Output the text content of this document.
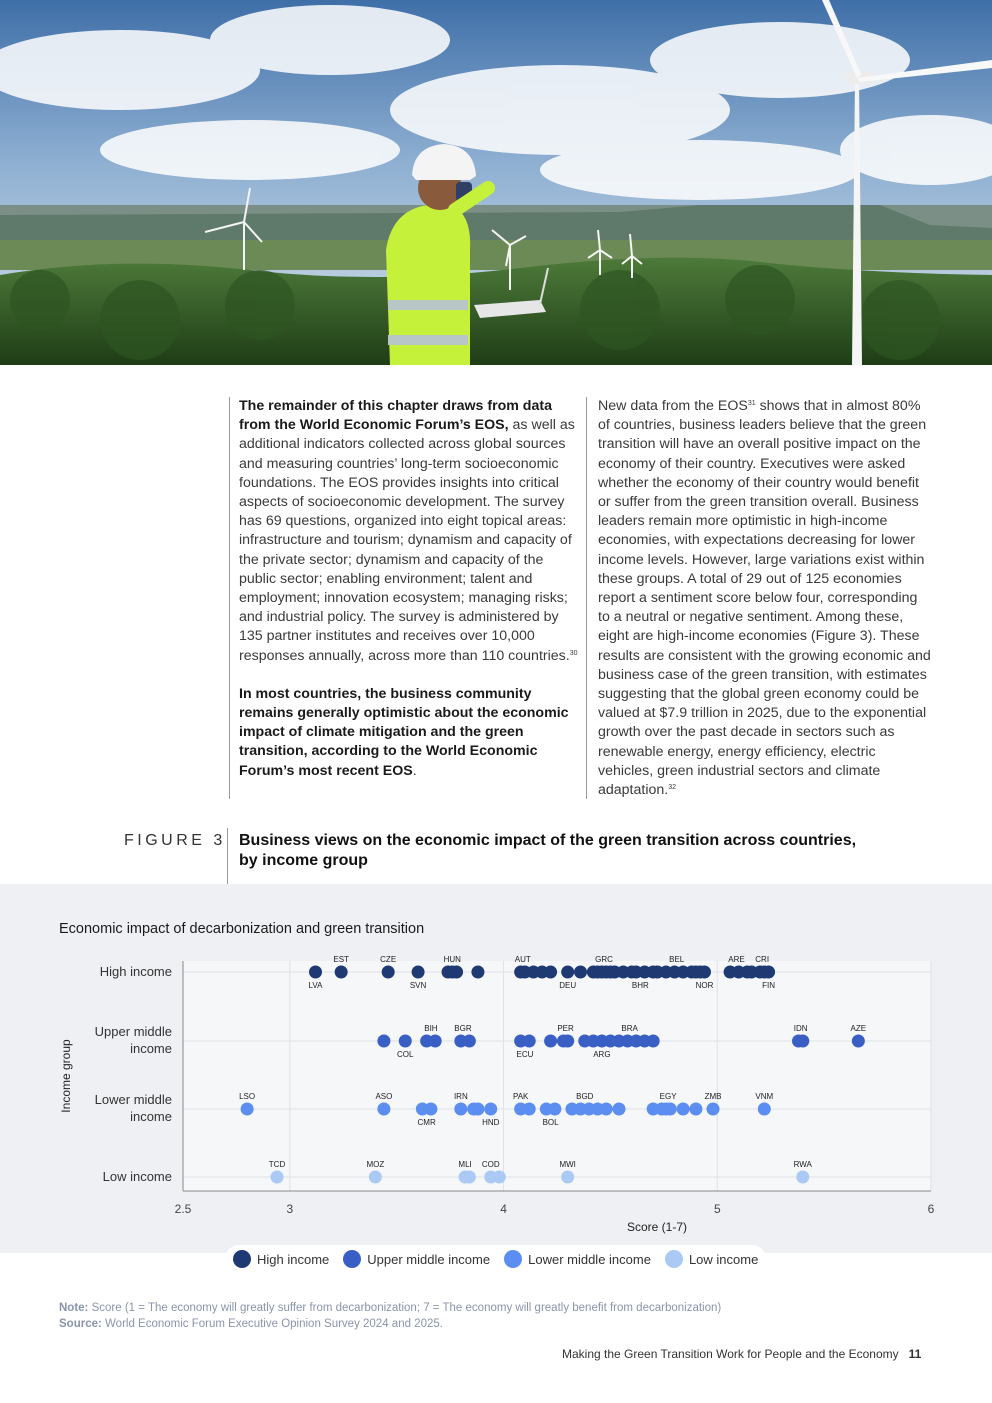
The remainder of this chapter draws from data from the World Economic Forum’s EOS, as well as additional indicators collected across global sources and measuring countries’ long-term socioeconomic foundations. The EOS provides insights into critical aspects of socioeconomic development. The survey has 69 questions, organized into eight topical areas: infrastructure and tourism; dynamism and capacity of the private sector; dynamism and capacity of the public sector; enabling environment; talent and employment; innovation ecosystem; managing risks; and industrial policy. The survey is administered by 135 partner institutes and receives over 10,000 responses annually, across more than 110 countries.$^{30}$

In most countries, the business community remains generally optimistic about the economic impact of climate mitigation and the green transition, according to the World Economic Forum’s most recent EOS.

New data from the EOS$^{31}$ shows that in almost 80% of countries, business leaders believe that the green transition will have an overall positive impact on the economy of their country. Executives were asked whether the economy of their country would benefit or suffer from the green transition overall. Business leaders remain more optimistic in high-income economies, with expectations decreasing for lower income levels. However, large variations exist within these groups. A total of 29 out of 125 economies report a sentiment score below four, corresponding to a neutral or negative sentiment. Among these, eight are high-income economies (Figure 3). These results are consistent with the growing economic and business case of the green transition, with estimates suggesting that the global green economy could be valued at $7.9 trillion in 2025, due to the exponential growth over the past decade in sectors such as renewable energy, energy efficiency, electric vehicles, green industrial sectors and climate adaptation.$^{32}$

FIGURE 3 Business views on the economic impact of the green transition across countries, by income group
Economic impact of decarbonization and green transition
2.5	3	4	5	6
High income
Upper middle
income
Lower middle
income
Low income
Income group
Score (1-7)
EST	CZE	HUN	AUT	GRC	BEL	ARE CRI
LVA	SVN	DEU	BHR	NOR	FIN
BIH BGR	PER	BRA	IDN	AZE
COL	ECU	ARG
LSO	ASO	IRN	PAK	BGD	EGY	ZMB	VNM
CMR	HND	BOL
TCD	MOZ	MLI COD	MWI	RWA
High income	Upper middle income	Lower middle income	Low income
Note: Score (1 = The economy will greatly suffer from decarbonization; 7 = The economy will greatly benefit from decarbonization)
Source: World Economic Forum Executive Opinion Survey 2024 and 2025.
Making the Green Transition Work for People and the Economy 11
